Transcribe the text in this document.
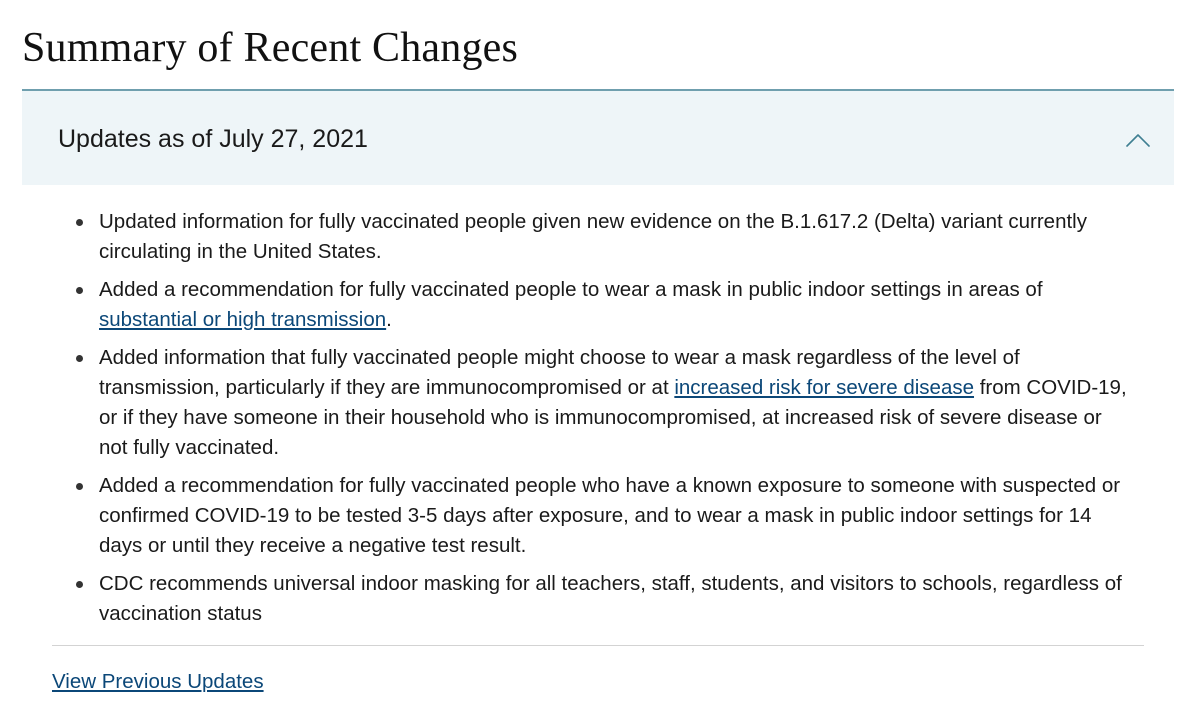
Summary of Recent Changes
Updates as of July 27, 2021
Updated information for fully vaccinated people given new evidence on the B.1.617.2 (Delta) variant currently circulating in the United States.
Added a recommendation for fully vaccinated people to wear a mask in public indoor settings in areas of substantial or high transmission.
Added information that fully vaccinated people might choose to wear a mask regardless of the level of transmission, particularly if they are immunocompromised or at increased risk for severe disease from COVID-19, or if they have someone in their household who is immunocompromised, at increased risk of severe disease or not fully vaccinated.
Added a recommendation for fully vaccinated people who have a known exposure to someone with suspected or confirmed COVID-19 to be tested 3-5 days after exposure, and to wear a mask in public indoor settings for 14 days or until they receive a negative test result.
CDC recommends universal indoor masking for all teachers, staff, students, and visitors to schools, regardless of vaccination status
View Previous Updates
